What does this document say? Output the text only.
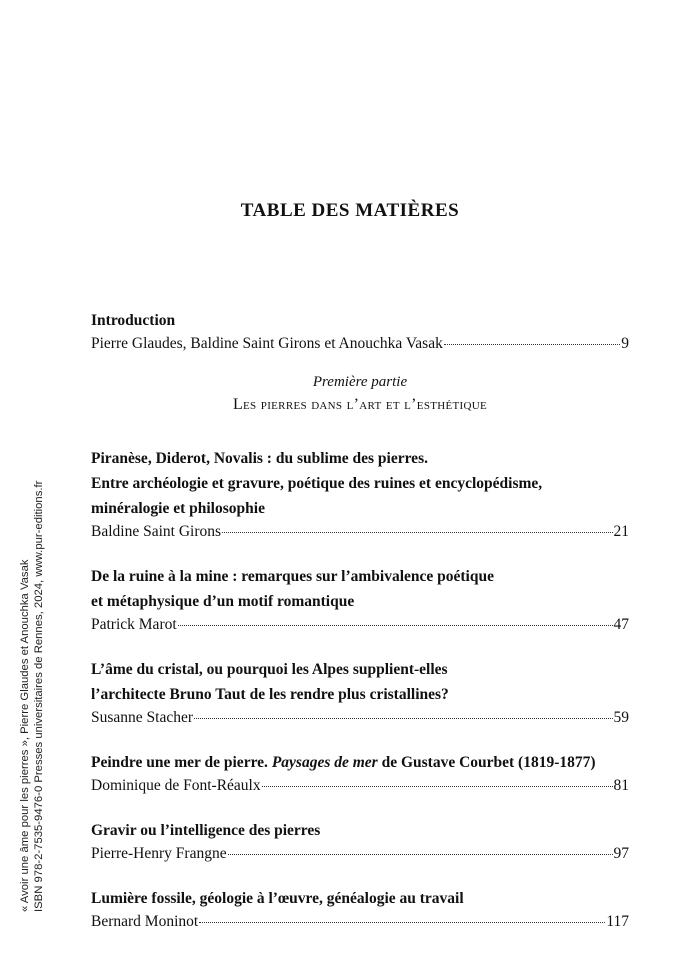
TABLE DES MATIÈRES
Introduction
Pierre Glaudes, Baldine Saint Girons et Anouchka Vasak	9
Première partie
Les pierres dans l’art et l’esthétique
Piranèse, Diderot, Novalis : du sublime des pierres.
Entre archéologie et gravure, poétique des ruines et encyclopédisme,
minéralogie et philosophie
Baldine Saint Girons	21
De la ruine à la mine : remarques sur l’ambivalence poétique
et métaphysique d’un motif romantique
Patrick Marot	47
L’âme du cristal, ou pourquoi les Alpes supplient-elles
l’architecte Bruno Taut de les rendre plus cristallines?
Susanne Stacher	59
Peindre une mer de pierre. Paysages de mer de Gustave Courbet (1819-1877)
Dominique de Font-Réaulx	81
Gravir ou l’intelligence des pierres
Pierre-Henry Frangne	97
Lumière fossile, géologie à l’œuvre, généalogie au travail
Bernard Moninot	117
« Avoir une âme pour les pierres », Pierre Glaudes et Anouchka Vasak ISBN 978-2-7535-9476-0 Presses universitaires de Rennes, 2024, www.pur-editions.fr
